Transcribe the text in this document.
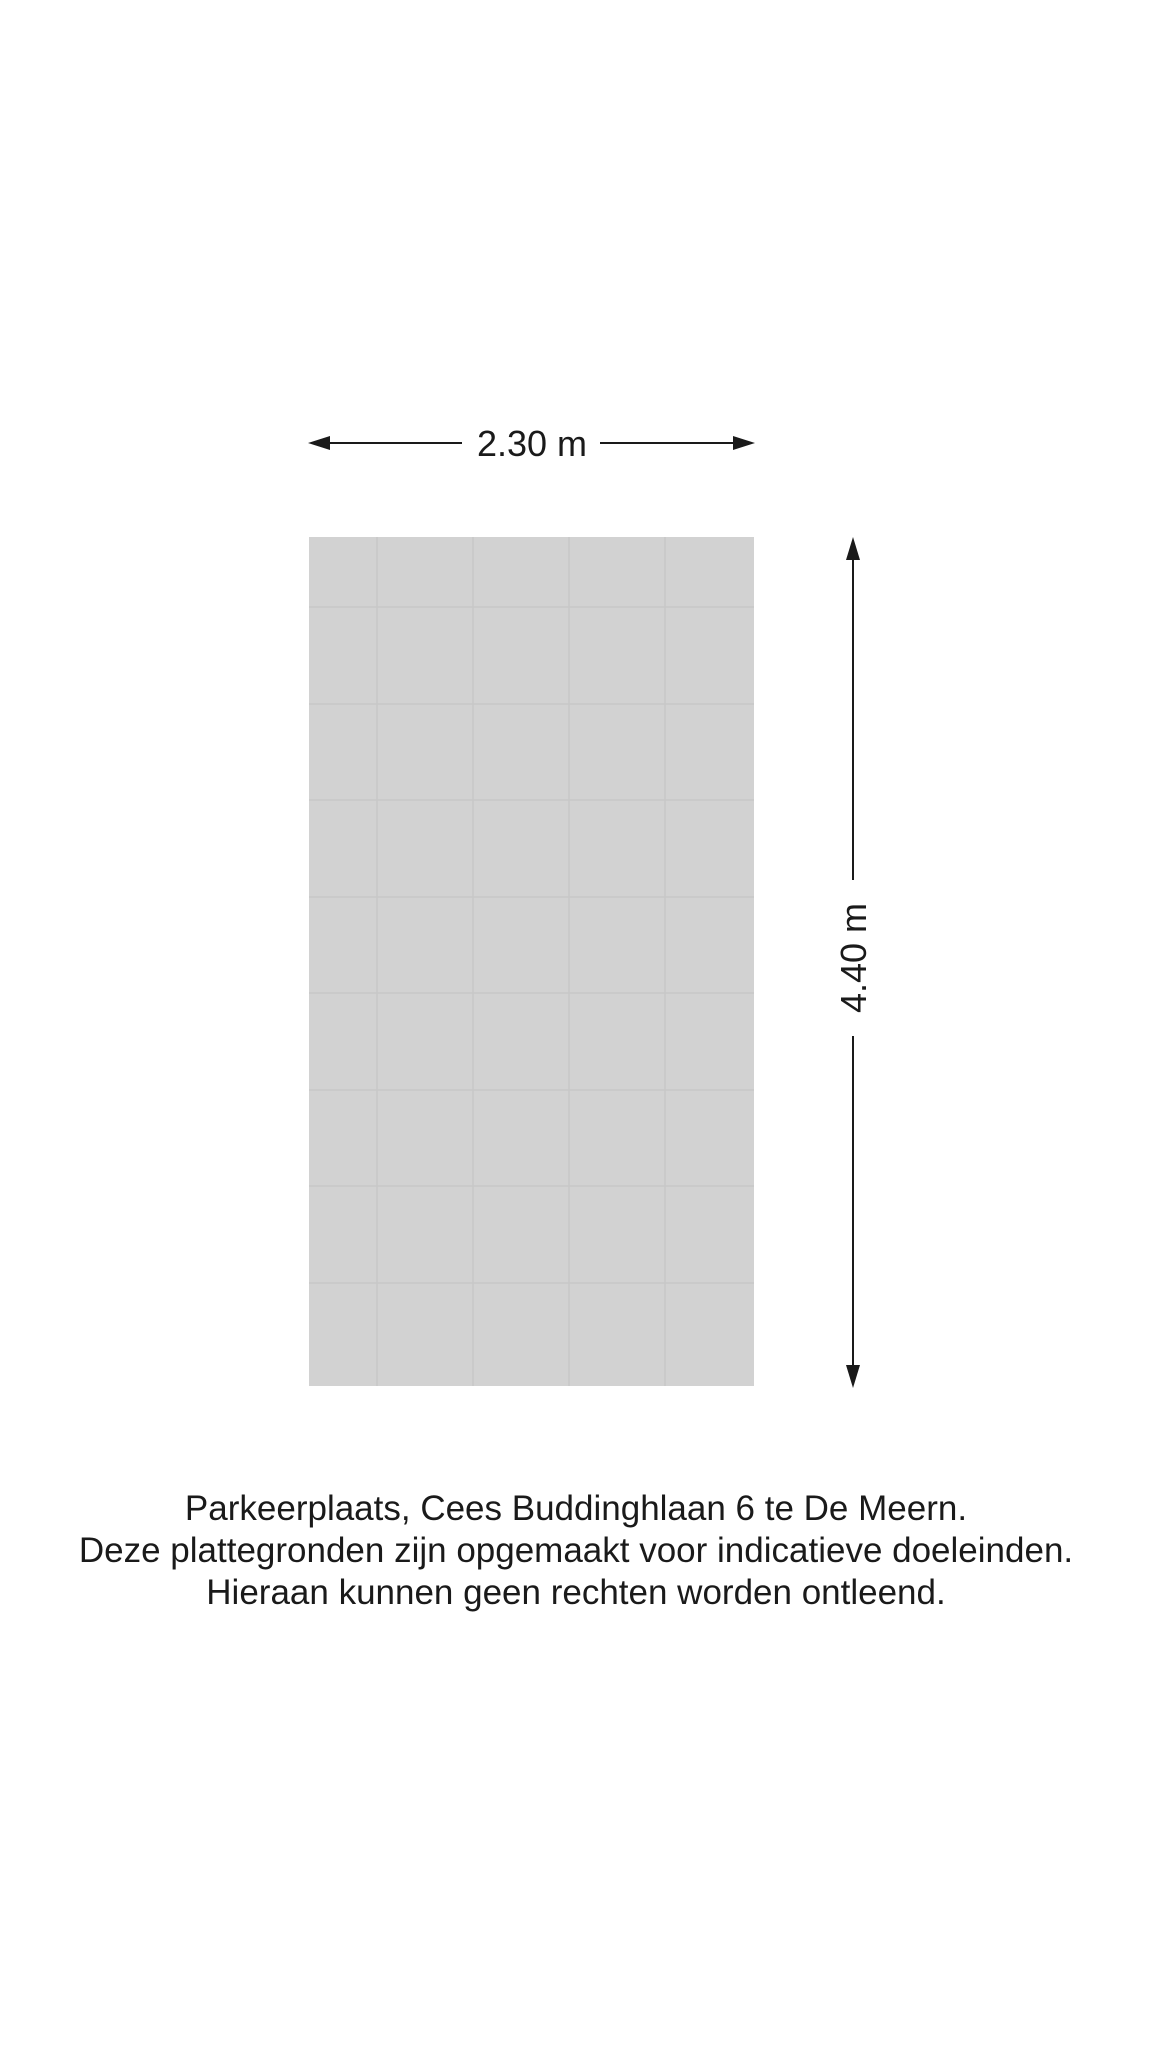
2.30 m
4.40 m
Parkeerplaats, Cees Buddinghlaan 6 te De Meern.
Deze plattegronden zijn opgemaakt voor indicatieve doeleinden.
Hieraan kunnen geen rechten worden ontleend.
